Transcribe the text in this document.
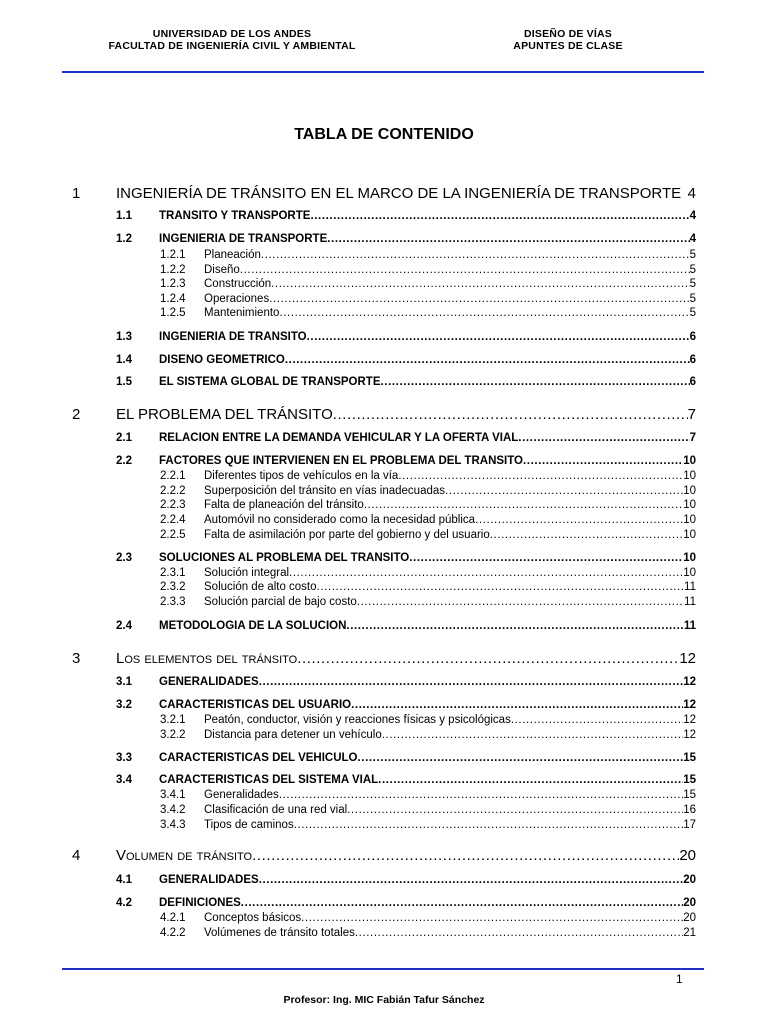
UNIVERSIDAD DE LOS ANDES
FACULTAD DE INGENIERÍA CIVIL Y AMBIENTAL
DISEÑO DE VÍAS
APUNTES DE CLASE
TABLA DE CONTENIDO
1	INGENIERÍA DE TRÁNSITO EN EL MARCO DE LA INGENIERÍA DE TRANSPORTE 4
1.1	TRÁNSITO Y TRANSPORTE .....	4
1.2	INGENIERÍA DE TRANSPORTE .....	4
1.2.1	Planeación .....	5
1.2.2	Diseño .....	5
1.2.3	Construcción .....	5
1.2.4	Operaciones .....	5
1.2.5	Mantenimiento .....	5
1.3	INGENIERÍA DE TRÁNSITO .....	6
1.4	DISEÑO GEOMÉTRICO .....	6
1.5	EL SISTEMA GLOBAL DE TRANSPORTE .....	6
2	EL PROBLEMA DEL TRÁNSITO .....	7
2.1	RELACIÓN ENTRE LA DEMANDA VEHICULAR Y LA OFERTA VIAL .....	7
2.2	FACTORES QUE INTERVIENEN EN EL PROBLEMA DEL TRÁNSITO .....	10
2.2.1	Diferentes tipos de vehículos en la vía .....	10
2.2.2	Superposición del tránsito en vías inadecuadas .....	10
2.2.3	Falta de planeación del tránsito .....	10
2.2.4	Automóvil no considerado como la necesidad pública .....	10
2.2.5	Falta de asimilación por parte del gobierno y del usuario .....	10
2.3	SOLUCIONES AL PROBLEMA DEL TRÁNSITO .....	10
2.3.1	Solución integral .....	10
2.3.2	Solución de alto costo .....	11
2.3.3	Solución parcial de bajo costo .....	11
2.4	METODOLOGÍA DE LA SOLUCIÓN .....	11
3	Los elementos del tránsito .....	12
3.1	GENERALIDADES .....	12
3.2	CARACTERÍSTICAS DEL USUARIO .....	12
3.2.1	Peatón, conductor, visión y reacciones físicas y psicológicas .....	12
3.2.2	Distancia para detener un vehículo .....	12
3.3	CARACTERÍSTICAS DEL VEHÍCULO .....	15
3.4	CARACTERÍSTICAS DEL SISTEMA VIAL .....	15
3.4.1	Generalidades .....	15
3.4.2	Clasificación de una red vial .....	16
3.4.3	Tipos de caminos .....	17
4	Volumen de tránsito .....	20
4.1	GENERALIDADES .....	20
4.2	DEFINICIONES .....	20
4.2.1	Conceptos básicos .....	20
4.2.2	Volúmenes de tránsito totales .....	21
1
Profesor: Ing. MIC Fabián Tafur Sánchez
